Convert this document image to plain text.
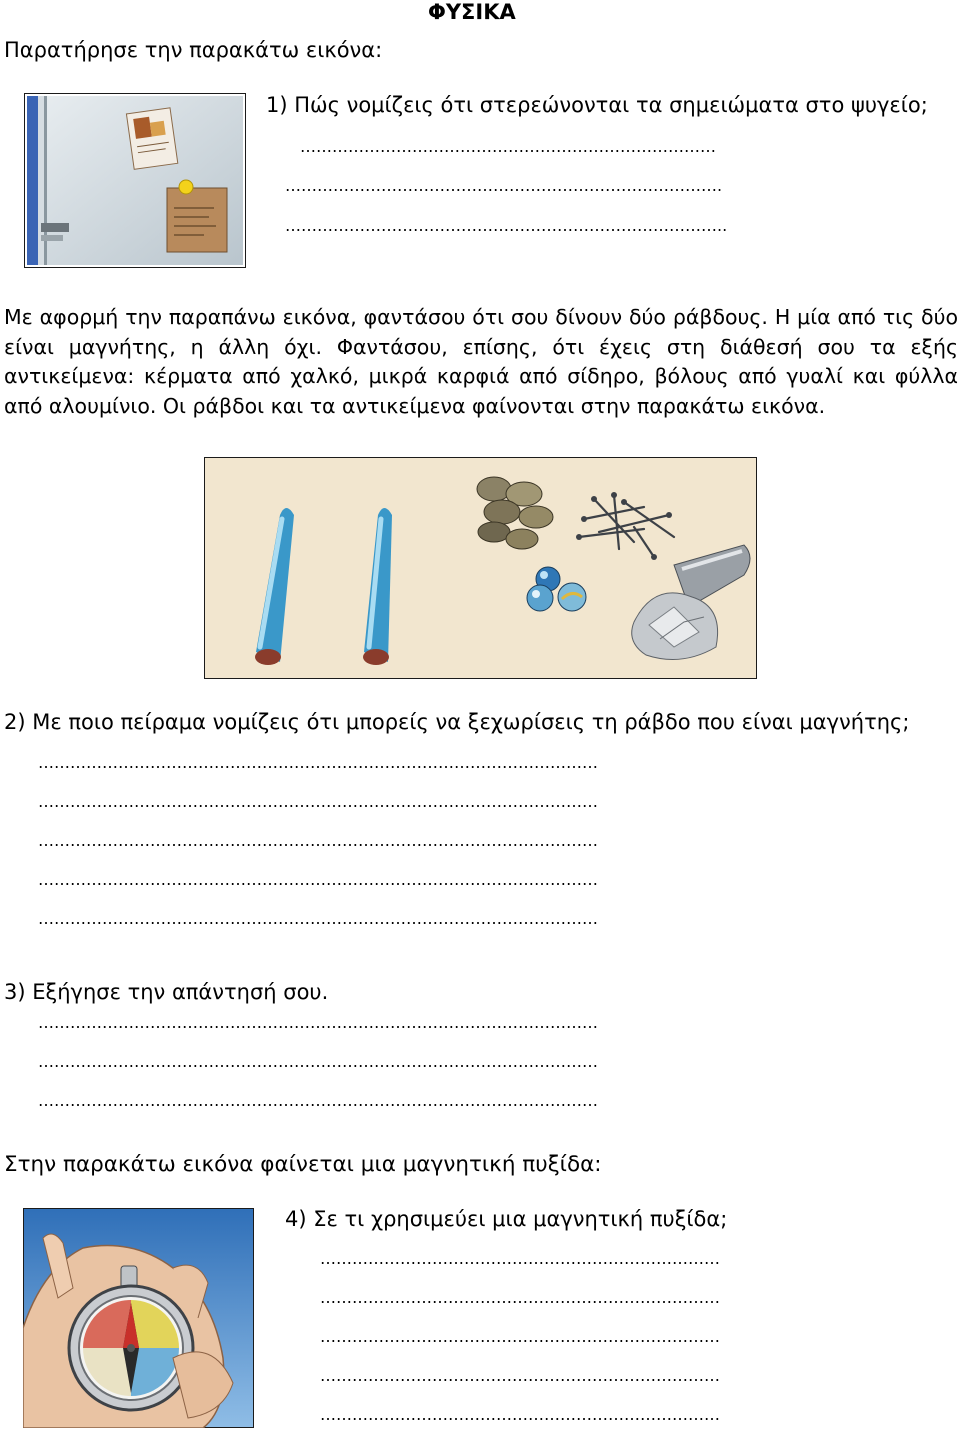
ΦΥΣΙΚΑ
Παρατήρησε την παρακάτω εικόνα:
1) Πώς νομίζεις ότι στερεώνονται τα σημειώματα στο ψυγείο;
……………………………………………………………………
……………………………………………………………………….
………………………………………………………………………..
Με αφορμή την παραπάνω εικόνα, φαντάσου ότι σου δίνουν δύο ράβδους. Η μία από τις δύο είναι μαγνήτης, η άλλη όχι. Φαντάσου, επίσης, ότι έχεις στη διάθεσή σου τα εξής αντικείμενα: κέρματα από χαλκό, μικρά καρφιά από σίδηρο, βόλους από γυαλί και φύλλα από αλουμίνιο. Οι ράβδοι και τα αντικείμενα φαίνονται στην παρακάτω εικόνα.
2) Με ποιο πείραμα νομίζεις ότι μπορείς να ξεχωρίσεις τη ράβδο που είναι μαγνήτης;
……………………………………………………………………………………………
……………………………………………………………………………………………
……………………………………………………………………………………………
……………………………………………………………………………………………
……………………………………………………………………………………………
3) Εξήγησε την απάντησή σου.
……………………………………………………………………………………………
……………………………………………………………………………………………
……………………………………………………………………………………………
Στην παρακάτω εικόνα φαίνεται μια μαγνητική πυξίδα:
4) Σε τι χρησιμεύει μια μαγνητική πυξίδα;
…………………………………………………………………
…………………………………………………………………
…………………………………………………………………
…………………………………………………………………
…………………………………………………………………
